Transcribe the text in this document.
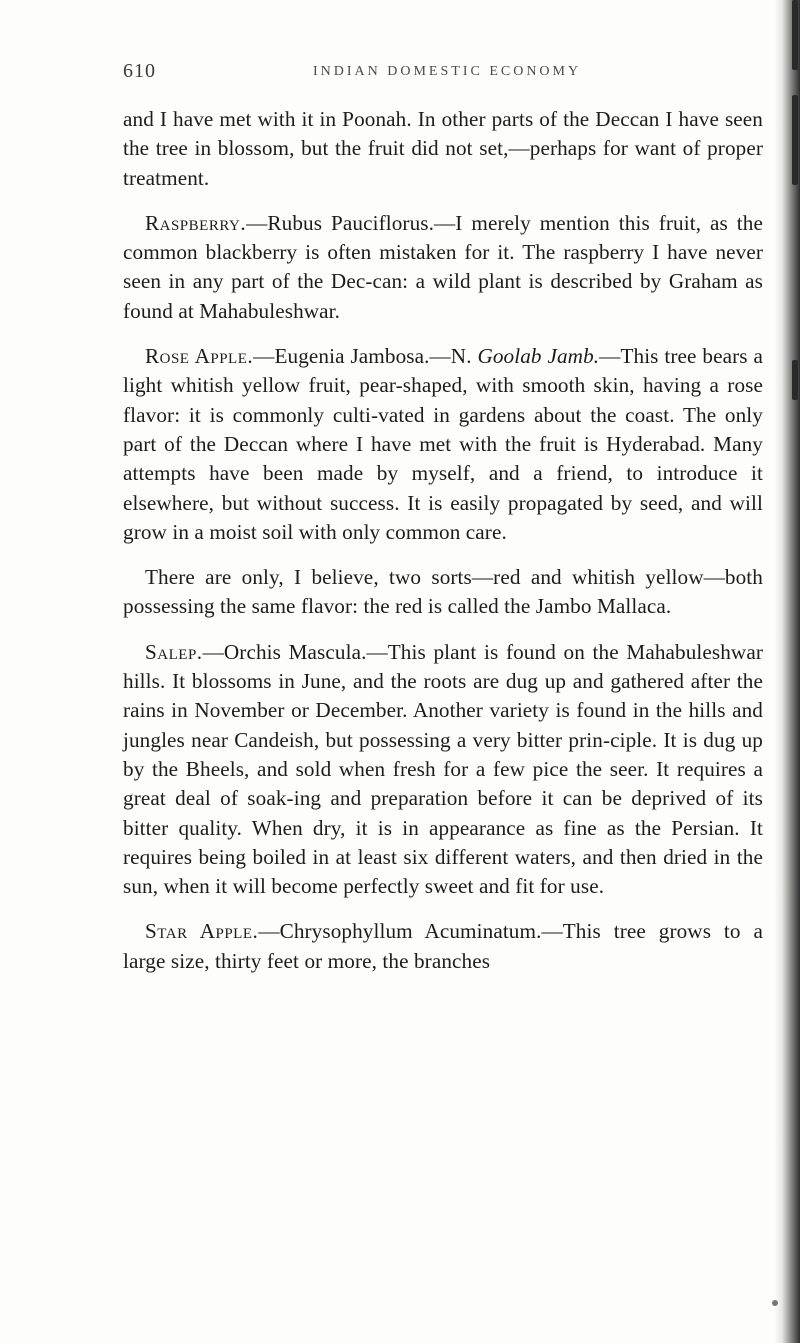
610	INDIAN DOMESTIC ECONOMY

and I have met with it in Poonah. In other parts of the Deccan I have seen the tree in blossom, but the fruit did not set,—perhaps for want of proper treatment.

Raspberry.—Rubus Pauciflorus.—I merely mention this fruit, as the common blackberry is often mistaken for it. The raspberry I have never seen in any part of the Dec-can: a wild plant is described by Graham as found at Mahabuleshwar.

Rose Apple.—Eugenia Jambosa.—N. Goolab Jamb.—This tree bears a light whitish yellow fruit, pear-shaped, with smooth skin, having a rose flavor: it is commonly culti-vated in gardens about the coast. The only part of the Deccan where I have met with the fruit is Hyderabad. Many attempts have been made by myself, and a friend, to introduce it elsewhere, but without success. It is easily propagated by seed, and will grow in a moist soil with only common care.

There are only, I believe, two sorts—red and whitish yellow—both possessing the same flavor: the red is called the Jambo Mallaca.

Salep.—Orchis Mascula.—This plant is found on the Mahabuleshwar hills. It blossoms in June, and the roots are dug up and gathered after the rains in November or December. Another variety is found in the hills and jungles near Candeish, but possessing a very bitter prin-ciple. It is dug up by the Bheels, and sold when fresh for a few pice the seer. It requires a great deal of soak-ing and preparation before it can be deprived of its bitter quality. When dry, it is in appearance as fine as the Persian. It requires being boiled in at least six different waters, and then dried in the sun, when it will become perfectly sweet and fit for use.

Star Apple.—Chrysophyllum Acuminatum.—This tree grows to a large size, thirty feet or more, the branches
